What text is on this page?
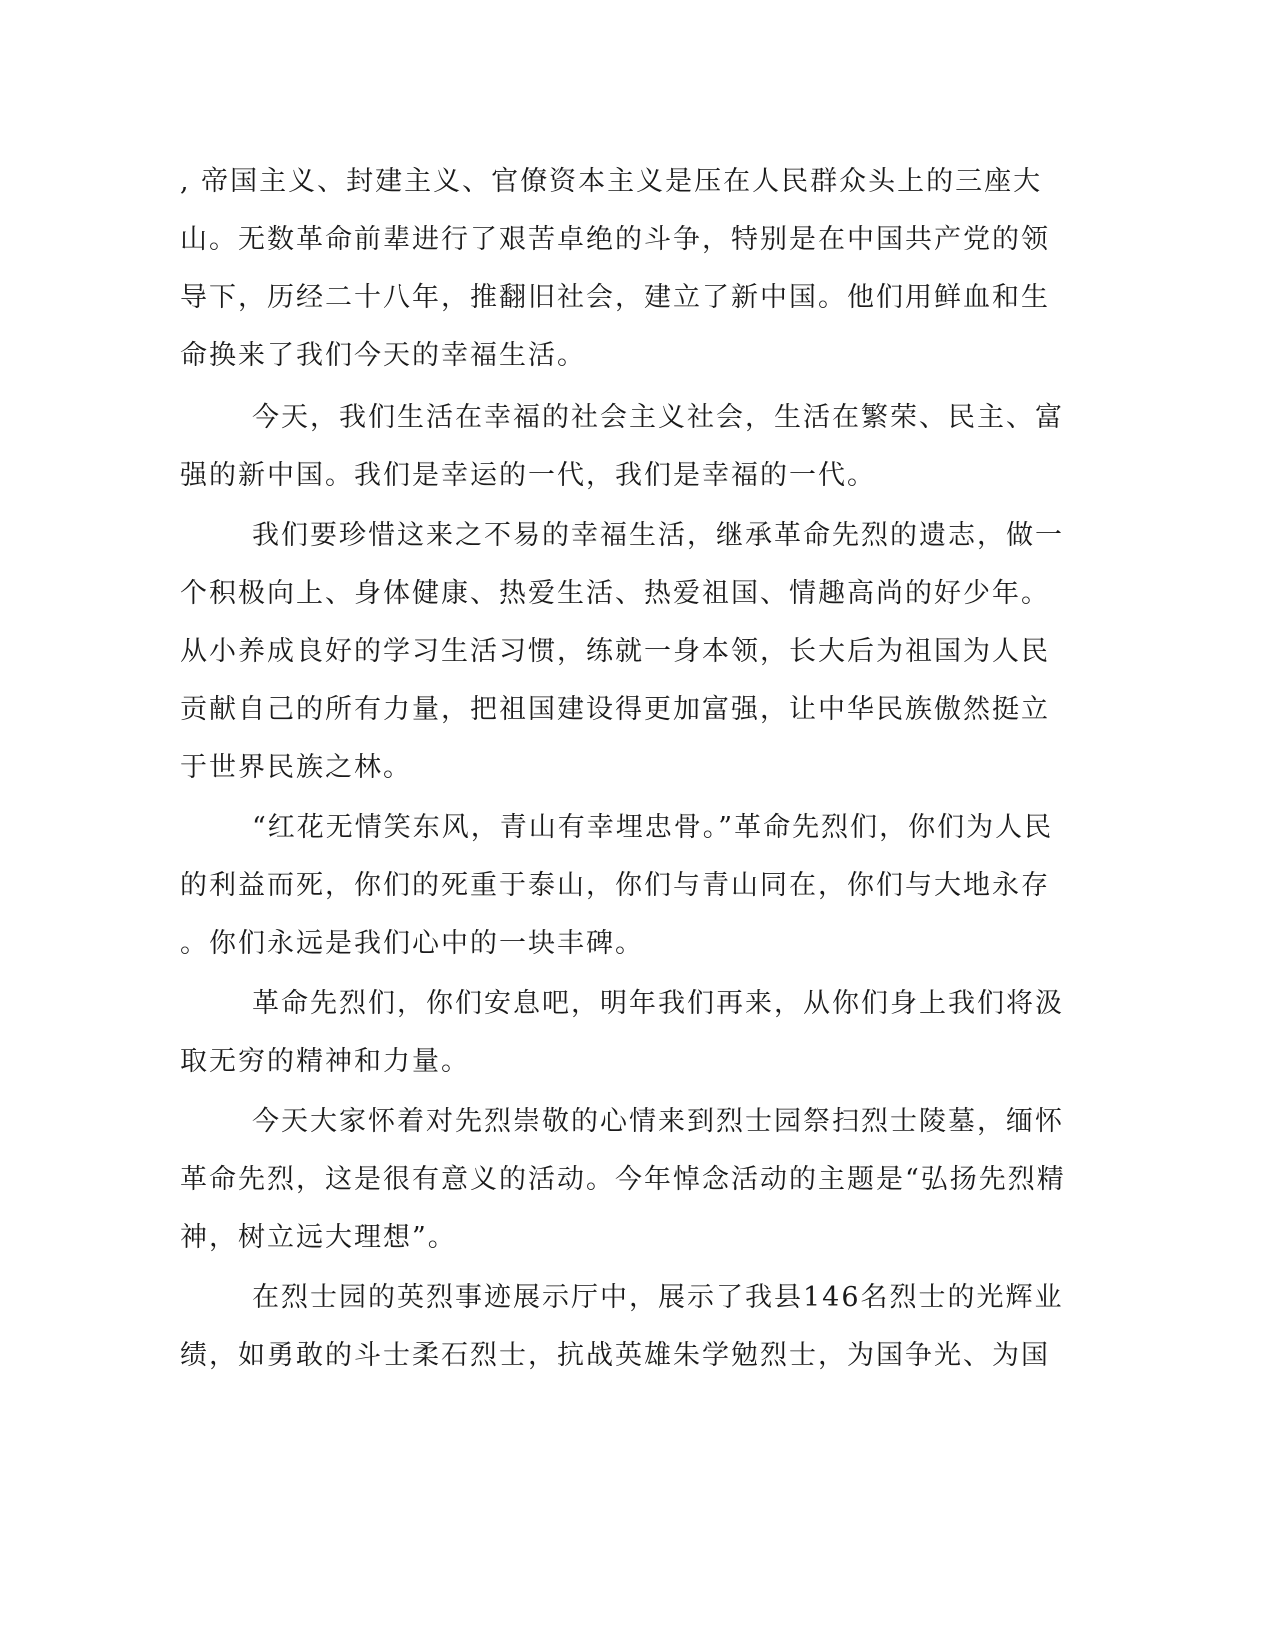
, 帝国主义、封建主义、官僚资本主义是压在人民群众头上的三座大
山。无数革命前辈进行了艰苦卓绝的斗争，特别是在中国共产党的领
导下，历经二十八年，推翻旧社会，建立了新中国。他们用鲜血和生
命换来了我们今天的幸福生活。
今天，我们生活在幸福的社会主义社会，生活在繁荣、民主、富
强的新中国。我们是幸运的一代，我们是幸福的一代。
我们要珍惜这来之不易的幸福生活，继承革命先烈的遗志，做一
个积极向上、身体健康、热爱生活、热爱祖国、情趣高尚的好少年。
从小养成良好的学习生活习惯，练就一身本领，长大后为祖国为人民
贡献自己的所有力量，把祖国建设得更加富强，让中华民族傲然挺立
于世界民族之林。
“红花无情笑东风，青山有幸埋忠骨。”革命先烈们，你们为人民
的利益而死，你们的死重于泰山，你们与青山同在，你们与大地永存
。你们永远是我们心中的一块丰碑。
革命先烈们，你们安息吧，明年我们再来，从你们身上我们将汲
取无穷的精神和力量。
今天大家怀着对先烈崇敬的心情来到烈士园祭扫烈士陵墓，缅怀
革命先烈，这是很有意义的活动。今年悼念活动的主题是“弘扬先烈精
神，树立远大理想”。
在烈士园的英烈事迹展示厅中，展示了我县146名烈士的光辉业
绩，如勇敢的斗士柔石烈士，抗战英雄朱学勉烈士，为国争光、为国
